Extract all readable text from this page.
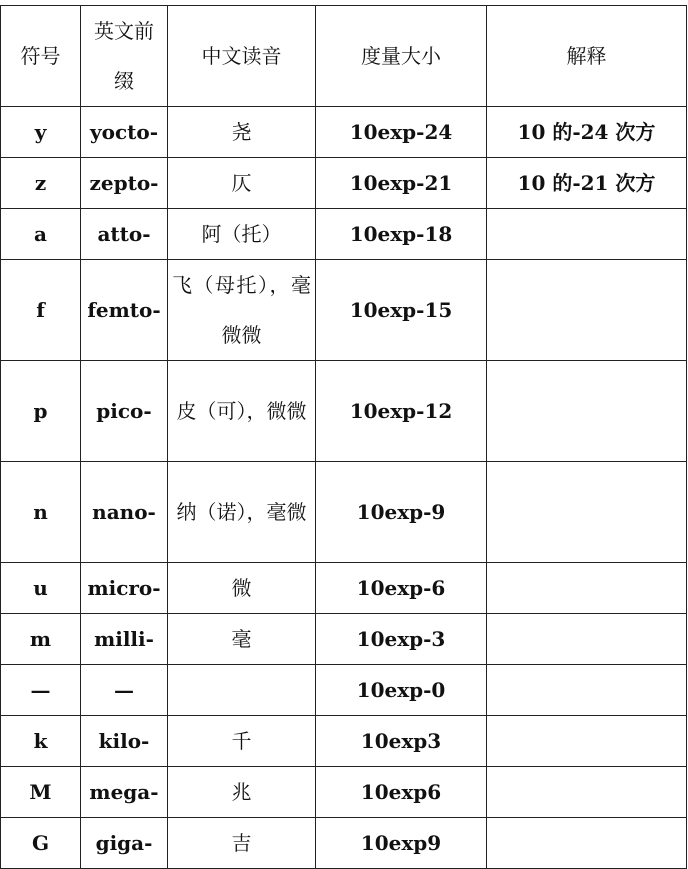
符号	英文前缀	中文读音	度量大小	解释
y	yocto-	尧	10exp-24	10 的-24 次方
z	zepto-	仄	10exp-21	10 的-21 次方
a	atto-	阿（托）	10exp-18	
f	femto-	飞（母托），毫微微	10exp-15	
p	pico-	皮（可），微微	10exp-12	
n	nano-	纳（诺），毫微	10exp-9	
u	micro-	微	10exp-6	
m	milli-	毫	10exp-3	
—	—		10exp-0	
k	kilo-	千	10exp3	
M	mega-	兆	10exp6	
G	giga-	吉	10exp9	
